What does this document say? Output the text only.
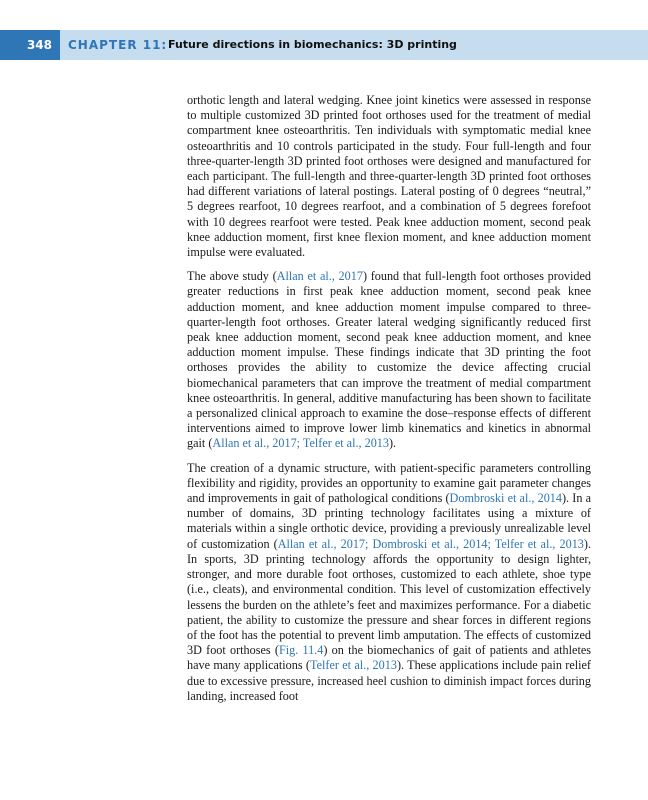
348	CHAPTER 11: Future directions in biomechanics: 3D printing

orthotic length and lateral wedging. Knee joint kinetics were assessed in response to multiple customized 3D printed foot orthoses used for the treatment of medial compartment knee osteoarthritis. Ten individuals with symptomatic medial knee osteoarthritis and 10 controls participated in the study. Four full-length and four three-quarter-length 3D printed foot orthoses were designed and manufactured for each participant. The full-length and three-quarter-length 3D printed foot orthoses had different variations of lateral postings. Lateral posting of 0 degrees “neutral,” 5 degrees rearfoot, 10 degrees rearfoot, and a combination of 5 degrees forefoot with 10 degrees rearfoot were tested. Peak knee adduction moment, second peak knee adduction moment, first knee flexion moment, and knee adduction moment impulse were evaluated.

The above study (Allan et al., 2017) found that full-length foot orthoses provided greater reductions in first peak knee adduction moment, second peak knee adduction moment, and knee adduction moment impulse compared to three-quarter-length foot orthoses. Greater lateral wedging significantly reduced first peak knee adduction moment, second peak knee adduction moment, and knee adduction moment impulse. These findings indicate that 3D printing the foot orthoses provides the ability to customize the device affecting crucial biomechanical parameters that can improve the treatment of medial compartment knee osteoarthritis. In general, additive manufacturing has been shown to facilitate a personalized clinical approach to examine the dose–response effects of different interventions aimed to improve lower limb kinematics and kinetics in abnormal gait (Allan et al., 2017; Telfer et al., 2013).

The creation of a dynamic structure, with patient-specific parameters controlling flexibility and rigidity, provides an opportunity to examine gait parameter changes and improvements in gait of pathological conditions (Dombroski et al., 2014). In a number of domains, 3D printing technology facilitates using a mixture of materials within a single orthotic device, providing a previously unrealizable level of customization (Allan et al., 2017; Dombroski et al., 2014; Telfer et al., 2013). In sports, 3D printing technology affords the opportunity to design lighter, stronger, and more durable foot orthoses, customized to each athlete, shoe type (i.e., cleats), and environmental condition. This level of customization effectively lessens the burden on the athlete’s feet and maximizes performance. For a diabetic patient, the ability to customize the pressure and shear forces in different regions of the foot has the potential to prevent limb amputation. The effects of customized 3D foot orthoses (Fig. 11.4) on the biomechanics of gait of patients and athletes have many applications (Telfer et al., 2013). These applications include pain relief due to excessive pressure, increased heel cushion to diminish impact forces during landing, increased foot
